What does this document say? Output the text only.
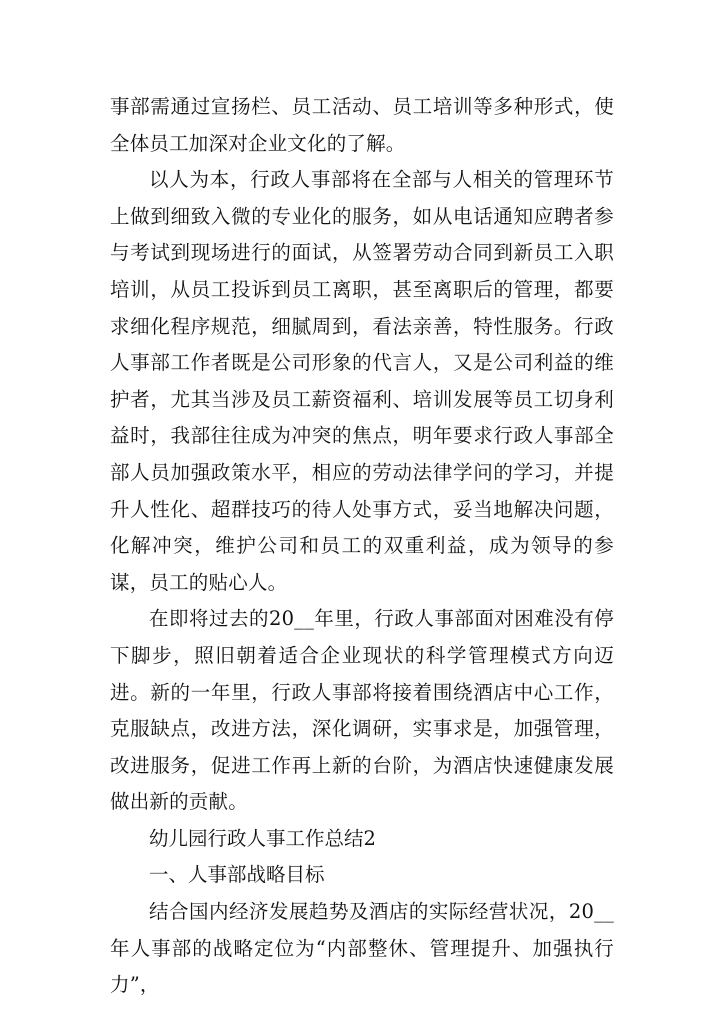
事部需通过宣扬栏、员工活动、员工培训等多种形式，使全体员工加深对企业文化的了解。

以人为本，行政人事部将在全部与人相关的管理环节上做到细致入微的专业化的服务，如从电话通知应聘者参与考试到现场进行的面试，从签署劳动合同到新员工入职培训，从员工投诉到员工离职，甚至离职后的管理，都要求细化程序规范，细腻周到，看法亲善，特性服务。行政人事部工作者既是公司形象的代言人，又是公司利益的维护者，尤其当涉及员工薪资福利、培训发展等员工切身利益时，我部往往成为冲突的焦点，明年要求行政人事部全部人员加强政策水平，相应的劳动法律学问的学习，并提升人性化、超群技巧的待人处事方式，妥当地解决问题，化解冲突，维护公司和员工的双重利益，成为领导的参谋，员工的贴心人。

在即将过去的20__年里，行政人事部面对困难没有停下脚步，照旧朝着适合企业现状的科学管理模式方向迈进。新的一年里，行政人事部将接着围绕酒店中心工作，克服缺点，改进方法，深化调研，实事求是，加强管理，改进服务，促进工作再上新的台阶，为酒店快速健康发展做出新的贡献。

幼儿园行政人事工作总结2

一、人事部战略目标

结合国内经济发展趋势及酒店的实际经营状况，20__年人事部的战略定位为“内部整休、管理提升、加强执行力”，
